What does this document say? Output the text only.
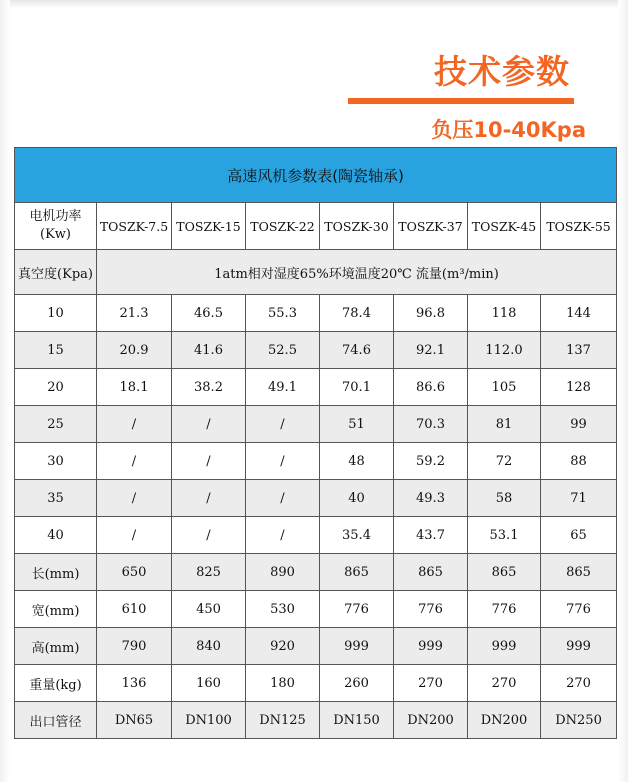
技术参数
负压10-40Kpa
高速风机参数表(陶瓷轴承)							
电机功率
(Kw)	TOSZK-7.5	TOSZK-15	TOSZK-22	TOSZK-30	TOSZK-37	TOSZK-45	TOSZK-55
真空度(Kpa)	1atm相对湿度65%环境温度20℃ 流量(m³/min)						
10	21.3	46.5	55.3	78.4	96.8	118	144
15	20.9	41.6	52.5	74.6	92.1	112.0	137
20	18.1	38.2	49.1	70.1	86.6	105	128
25	/	/	/	51	70.3	81	99
30	/	/	/	48	59.2	72	88
35	/	/	/	40	49.3	58	71
40	/	/	/	35.4	43.7	53.1	65
长(mm)	650	825	890	865	865	865	865
宽(mm)	610	450	530	776	776	776	776
高(mm)	790	840	920	999	999	999	999
重量(kg)	136	160	180	260	270	270	270
出口管径	DN65	DN100	DN125	DN150	DN200	DN200	DN250
